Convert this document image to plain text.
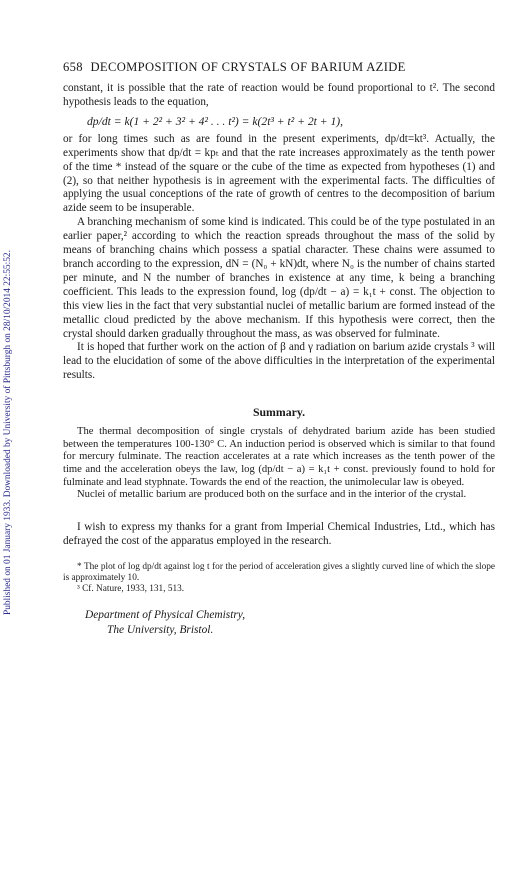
Published on 01 January 1933. Downloaded by University of Pittsburgh on 28/10/2014 22:55:52.
658 DECOMPOSITION OF CRYSTALS OF BARIUM AZIDE

constant, it is possible that the rate of reaction would be found proportional to t². The second hypothesis leads to the equation,

dp/dt = k(1 + 2² + 3² + 4² . . . t²) = k(2t³ + t² + 2t + 1),

or for long times such as are found in the present experiments, dp/dt=kt³. Actually, the experiments show that dp/dt = kpₜ and that the rate increases approximately as the tenth power of the time * instead of the square or the cube of the time as expected from hypotheses (1) and (2), so that neither hypothesis is in agreement with the experimental facts. The difficulties of applying the usual conceptions of the rate of growth of centres to the decomposition of barium azide seem to be insuperable.

A branching mechanism of some kind is indicated. This could be of the type postulated in an earlier paper,² according to which the reaction spreads throughout the mass of the solid by means of branching chains which possess a spatial character. These chains were assumed to branch according to the expression, dN = (N₀ + kN)dt, where N₀ is the number of chains started per minute, and N the number of branches in existence at any time, k being a branching coefficient. This leads to the expression found, log (dp/dt − a) = k₁t + const. The objection to this view lies in the fact that very substantial nuclei of metallic barium are formed instead of the metallic cloud predicted by the above mechanism. If this hypothesis were correct, then the crystal should darken gradually throughout the mass, as was observed for fulminate.

It is hoped that further work on the action of β and γ radiation on barium azide crystals ³ will lead to the elucidation of some of the above difficulties in the interpretation of the experimental results.

Summary.

The thermal decomposition of single crystals of dehydrated barium azide has been studied between the temperatures 100-130° C. An induction period is observed which is similar to that found for mercury fulminate. The reaction accelerates at a rate which increases as the tenth power of the time and the acceleration obeys the law, log (dp/dt − a) = k₁t + const. previously found to hold for fulminate and lead styphnate. Towards the end of the reaction, the unimolecular law is obeyed.

Nuclei of metallic barium are produced both on the surface and in the interior of the crystal.

I wish to express my thanks for a grant from Imperial Chemical Industries, Ltd., which has defrayed the cost of the apparatus employed in the research.

* The plot of log dp/dt against log t for the period of acceleration gives a slightly curved line of which the slope is approximately 10.

³ Cf. Nature, 1933, 131, 513.

Department of Physical Chemistry,
The University, Bristol.
